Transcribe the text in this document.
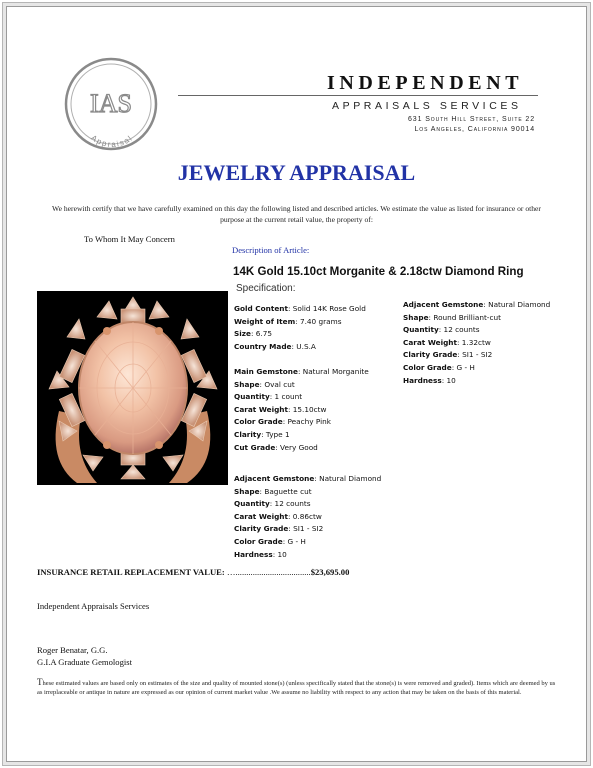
IAS
Appraisal
INDEPENDENT
APPRAISALS SERVICES
631 South Hill Street, Suite 22
Los Angeles, California 90014
JEWELRY APPRAISAL
We herewith certify that we have carefully examined on this day the following listed and described articles. We estimate the value as listed for insurance or other purpose at the current retail value, the property of:
To Whom It May Concern
Description of Article:
14K Gold 15.10ct Morganite & 2.18ctw Diamond Ring
Specification:
Gold Content: Solid 14K Rose Gold
Weight of Item: 7.40 grams
Size: 6.75
Country Made: U.S.A
Main Gemstone: Natural Morganite
Shape: Oval cut
Quantity: 1 count
Carat Weight: 15.10ctw
Color Grade: Peachy Pink
Clarity: Type 1
Cut Grade: Very Good
Adjacent Gemstone: Natural Diamond
Shape: Round Brilliant-cut
Quantity: 12 counts
Carat Weight: 1.32ctw
Clarity Grade: SI1 - SI2
Color Grade: G - H
Hardness: 10
Adjacent Gemstone: Natural Diamond
Shape: Baguette cut
Quantity: 12 counts
Carat Weight: 0.86ctw
Clarity Grade: SI1 - SI2
Color Grade: G - H
Hardness: 10
INSURANCE RETAIL REPLACEMENT VALUE: …...................................$23,695.00
Independent Appraisals Services
Roger Benatar, G.G.
G.I.A Graduate Gemologist
These estimated values are based only on estimates of the size and quality of mounted stone(s) (unless specifically stated that the stone(s) is were removed and graded). Items which are deemed by us as irreplaceable or antique in nature are expressed as our opinion of current market value .We assume no liability with respect to any action that may be taken on the basis of this material.
